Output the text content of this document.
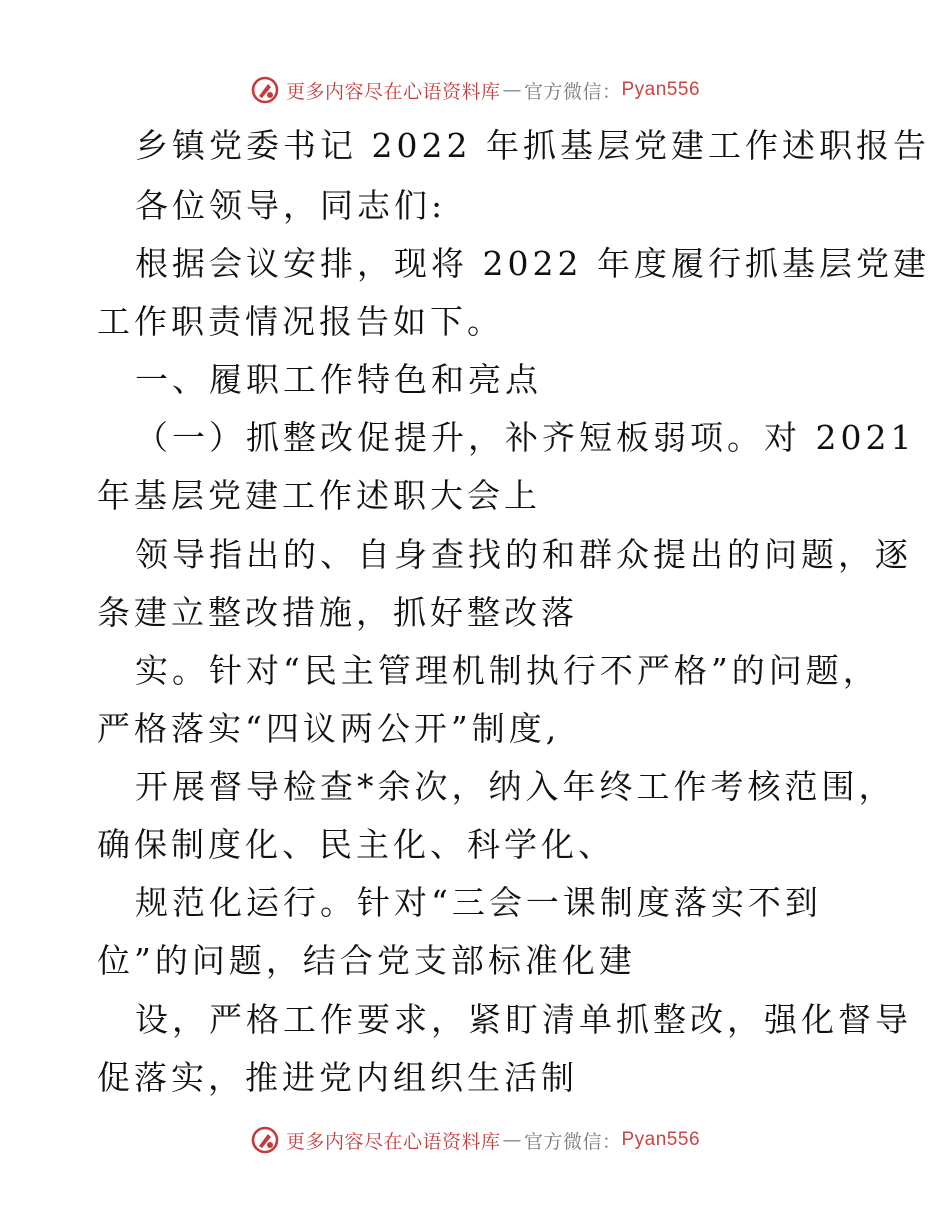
更多内容尽在心语资料库 — 官方微信： Pyan556
乡镇党委书记 2022 年抓基层党建工作述职报告
各位领导，同志们:
根据会议安排，现将 2022 年度履行抓基层党建
工作职责情况报告如下。
一、履职工作特色和亮点
（一）抓整改促提升，补齐短板弱项。对 2021
年基层党建工作述职大会上
领导指出的、自身查找的和群众提出的问题，逐
条建立整改措施，抓好整改落
实。针对“民主管理机制执行不严格”的问题，
严格落实“四议两公开”制度,
开展督导检查*余次，纳入年终工作考核范围，
确保制度化、民主化、科学化、
规范化运行。针对“三会一课制度落实不到
位”的问题，结合党支部标准化建
设，严格工作要求，紧盯清单抓整改，强化督导
促落实，推进党内组织生活制
更多内容尽在心语资料库 — 官方微信： Pyan556
